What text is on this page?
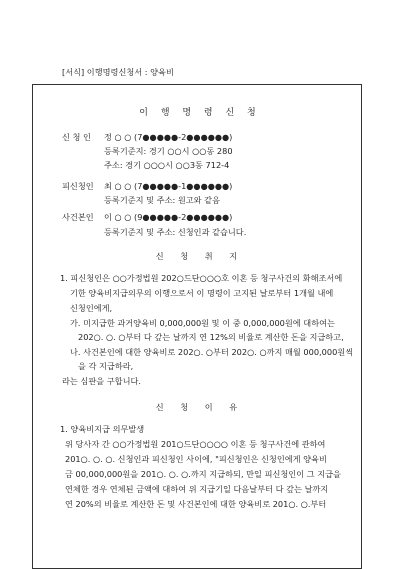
[서식] 이행명령신청서 : 양육비
이 행 명 령 신 청
신 청 인 정 ○ ○ (7●●●●●-2●●●●●●)
등록기준지: 경기 ○○시 ○○동 280
주소: 경기 ○○○시 ○○3동 712-4
피신청인 최 ○ ○ (7●●●●●-1●●●●●●)
등록기준지 및 주소: 원고와 같음
사건본인 이 ○ ○ (9●●●●●-2●●●●●●)
등록기준지 및 주소: 신청인과 같습니다.
신 청 취 지
1. 피신청인은 ○○가정법원 202○드단○○○호 이혼 등 청구사건의 화해조서에
기한 양육비지급의무의 이행으로서 이 명령이 고지된 날로부터 1개월 내에
신청인에게,
가. 미지급한 과거양육비 0,000,000원 및 이 중 0,000,000원에 대하여는
202○. ○. ○부터 다 갚는 날까지 연 12%의 비율로 계산한 돈을 지급하고,
나. 사건본인에 대한 양육비로 202○. ○부터 202○. ○까지 매월 000,000원씩
을 각 지급하라,
라는 심판을 구합니다.
신 청 이 유
1. 양육비지급 의무발생
위 당사자 간 ○○가정법원 201○드단○○○○ 이혼 등 청구사건에 관하여
201○. ○. ○. 신청인과 피신청인 사이에, "피신청인은 신청인에게 양육비
금 00,000,000원을 201○. ○. ○.까지 지급하되, 만일 피신청인이 그 지급을
연체한 경우 연체된 금액에 대하여 위 지급기일 다음날부터 다 갚는 날까지
연 20%의 비율로 계산한 돈 및 사건본인에 대한 양육비로 201○. ○.부터
